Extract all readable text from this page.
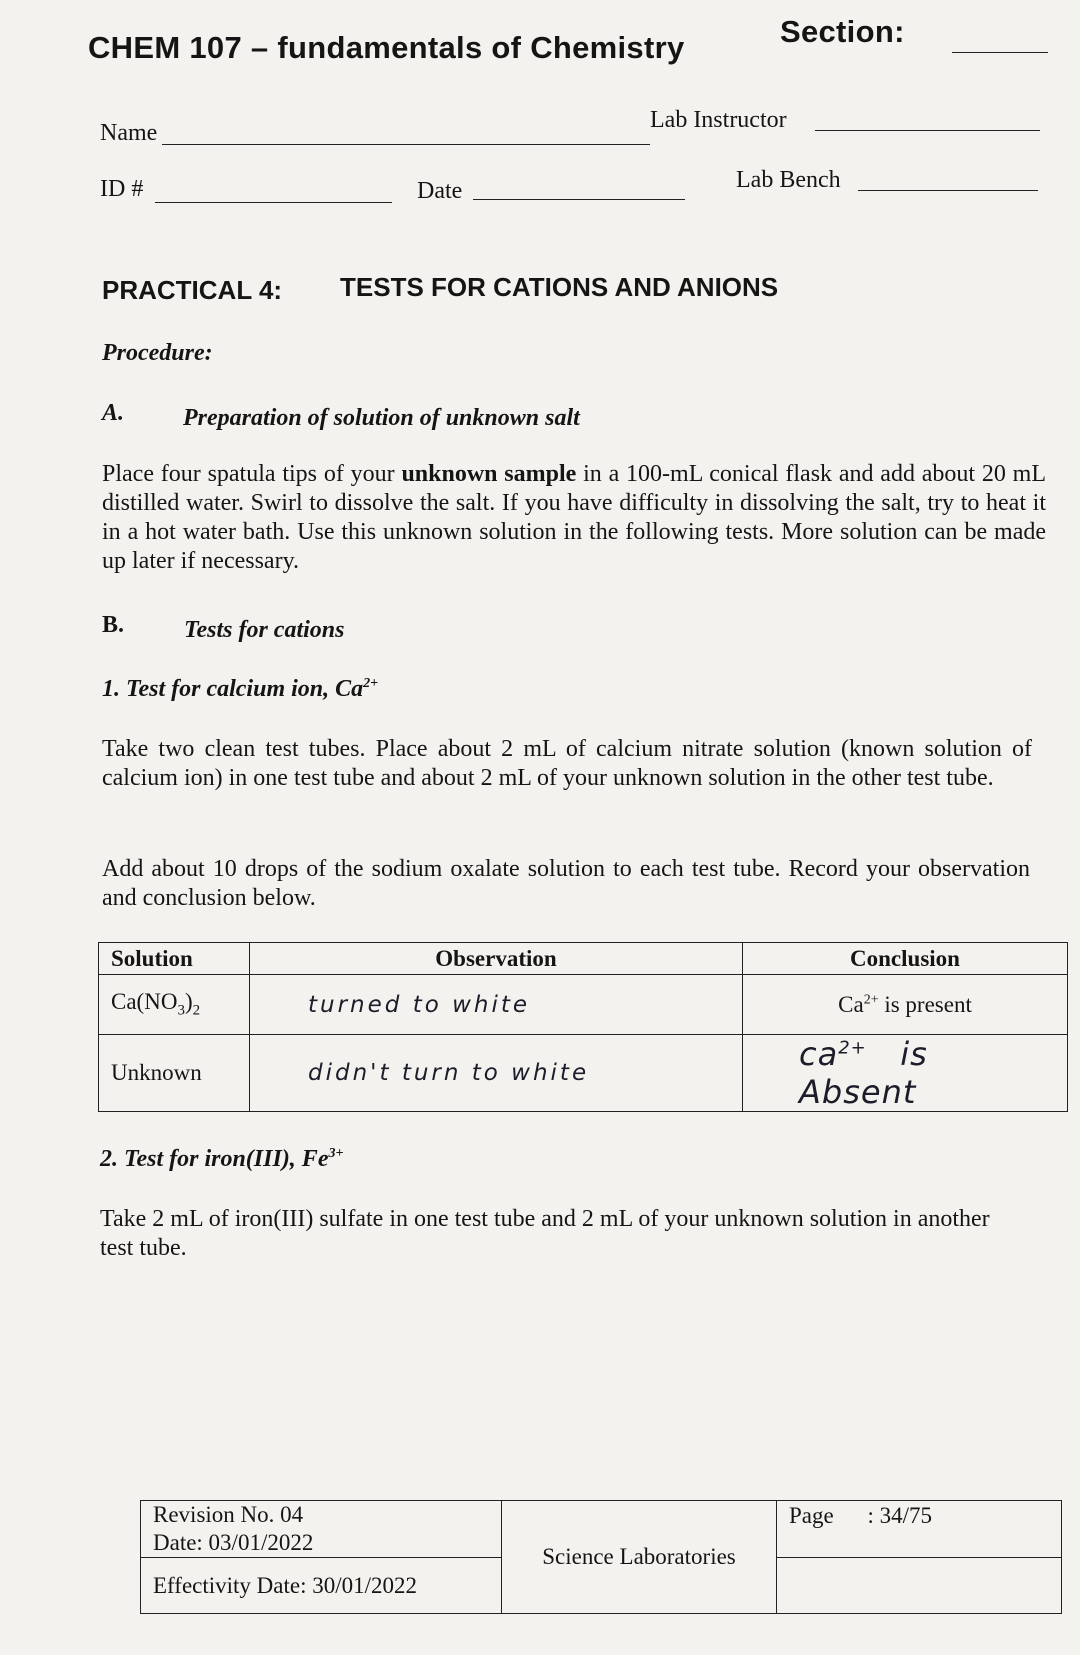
CHEM 107 – fundamentals of Chemistry	Section:
Name	Lab Instructor
ID #	Date	Lab Bench
PRACTICAL 4: TESTS FOR CATIONS AND ANIONS
Procedure:
A. Preparation of solution of unknown salt
Place four spatula tips of your unknown sample in a 100-mL conical flask and add about 20 mL distilled water. Swirl to dissolve the salt. If you have difficulty in dissolving the salt, try to heat it in a hot water bath. Use this unknown solution in the following tests. More solution can be made up later if necessary.
B. Tests for cations
1. Test for calcium ion, $Ca^{2+}$
Take two clean test tubes. Place about 2 mL of calcium nitrate solution (known solution of calcium ion) in one test tube and about 2 mL of your unknown solution in the other test tube.
Add about 10 drops of the sodium oxalate solution to each test tube. Record your observation and conclusion below.
Solution	Observation	Conclusion
$Ca(NO_3)_2$	turned to white	$Ca^{2+}$ is present
Unknown	didn't turn to white	$ca^{2+}$ is Absent
2. Test for iron(III), $Fe^{3+}$
Take 2 mL of iron(III) sulfate in one test tube and 2 mL of your unknown solution in another test tube.
Revision No. 04
Date: 03/01/2022	Science Laboratories	Page : 34/75
Effectivity Date: 30/01/2022		
